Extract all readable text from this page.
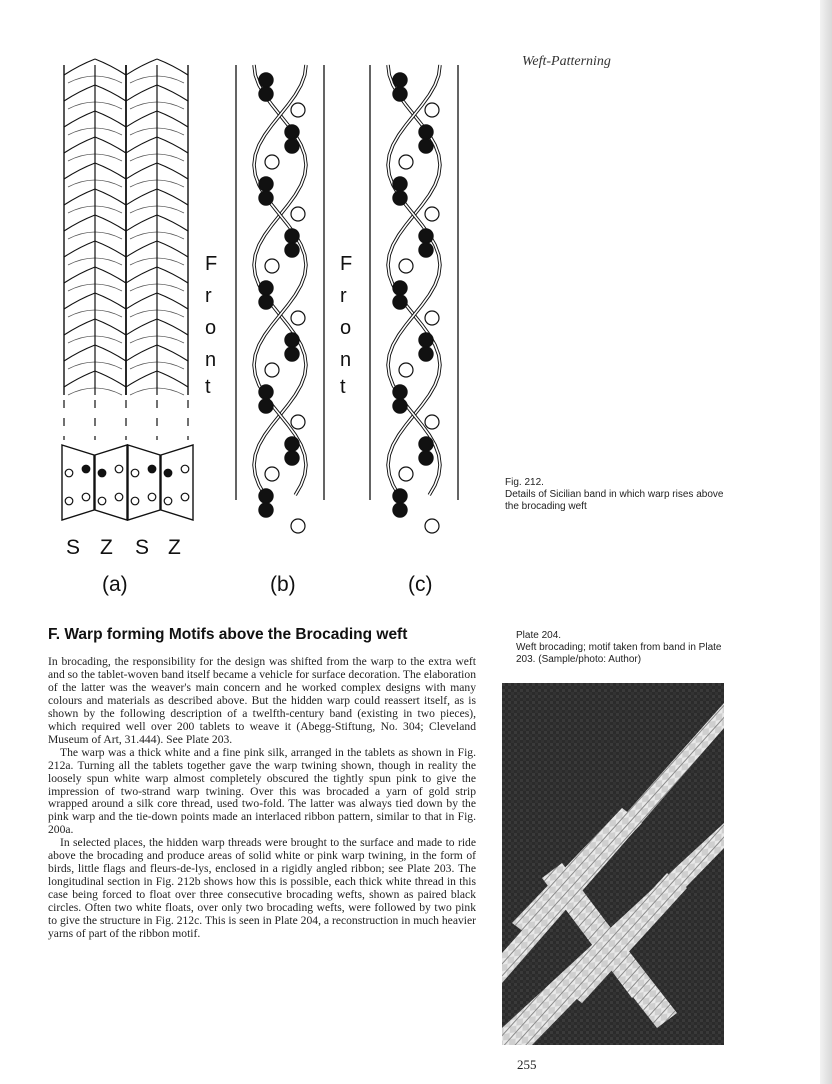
Weft-Patterning
F
r
o
n
t
F
r
o
n
t
S Z S Z
(a)	(b)	(c)
Fig. 212.
Details of Sicilian band in which warp rises above the brocading weft
Plate 204.
Weft brocading; motif taken from band in Plate 203. (Sample/photo: Author)
F. Warp forming Motifs above the Brocading weft

In brocading, the responsibility for the design was shifted from the warp to the extra weft and so the tablet-woven band itself became a vehicle for surface decoration. The elaboration of the latter was the weaver's main concern and he worked complex designs with many colours and materials as described above. But the hidden warp could reassert itself, as is shown by the following description of a twelfth-century band (existing in two pieces), which required well over 200 tablets to weave it (Abegg-Stiftung, No. 304; Cleveland Museum of Art, 31.444). See Plate 203.

The warp was a thick white and a fine pink silk, arranged in the tablets as shown in Fig. 212a. Turning all the tablets together gave the warp twining shown, though in reality the loosely spun white warp almost completely obscured the tightly spun pink to give the impression of two-strand warp twining. Over this was brocaded a yarn of gold strip wrapped around a silk core thread, used two-fold. The latter was always tied down by the pink warp and the tie-down points made an interlaced ribbon pattern, similar to that in Fig. 200a.

In selected places, the hidden warp threads were brought to the surface and made to ride above the brocading and produce areas of solid white or pink warp twining, in the form of birds, little flags and fleurs-de-lys, enclosed in a rigidly angled ribbon; see Plate 203. The longitudinal section in Fig. 212b shows how this is possible, each thick white thread in this case being forced to float over three consecutive brocading wefts, shown as paired black circles. Often two white floats, over only two brocading wefts, were followed by two pink to give the structure in Fig. 212c. This is seen in Plate 204, a reconstruction in much heavier yarns of part of the ribbon motif.

255
